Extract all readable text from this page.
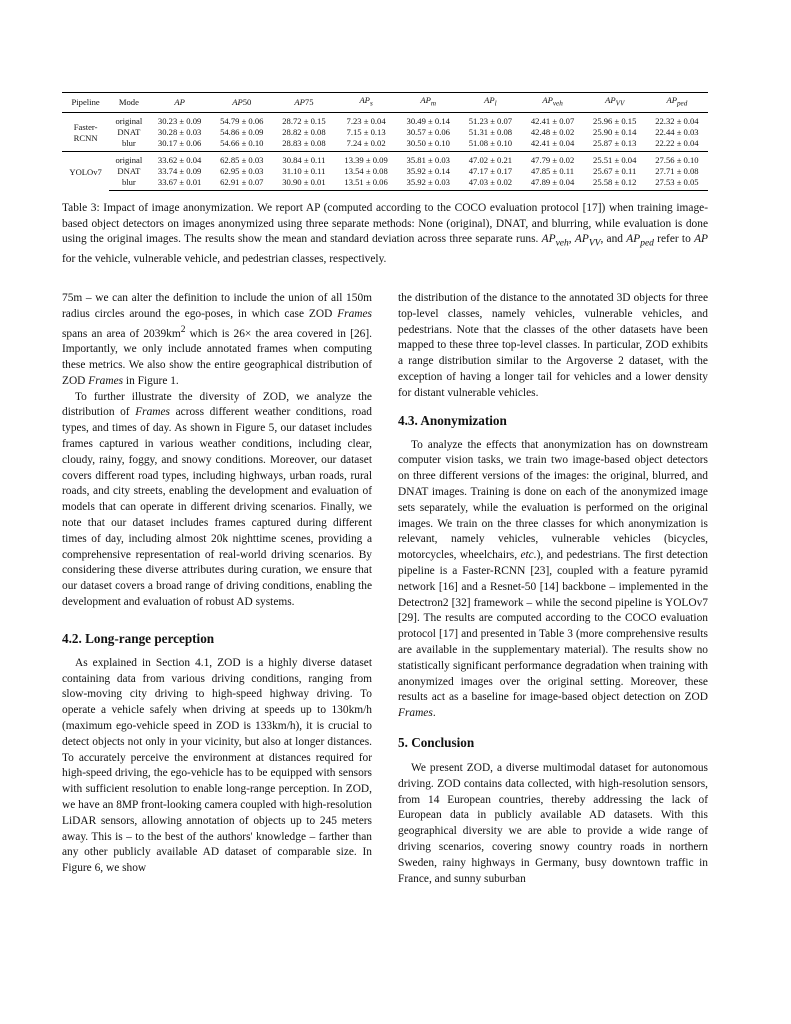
Pipeline	Mode	AP	AP50	AP75	$AP_s$	$AP_m$	$AP_l$	$AP_{veh}$	$AP_{VV}$	$AP_{ped}$
Faster-
RCNN	original	30.23 ± 0.09	54.79 ± 0.06	28.72 ± 0.15	7.23 ± 0.04	30.49 ± 0.14	51.23 ± 0.07	42.41 ± 0.07	25.96 ± 0.15	22.32 ± 0.04
	DNAT	30.28 ± 0.03	54.86 ± 0.09	28.82 ± 0.08	7.15 ± 0.13	30.57 ± 0.06	51.31 ± 0.08	42.48 ± 0.02	25.90 ± 0.14	22.44 ± 0.03
	blur	30.17 ± 0.06	54.66 ± 0.10	28.83 ± 0.08	7.24 ± 0.02	30.50 ± 0.10	51.08 ± 0.10	42.41 ± 0.04	25.87 ± 0.13	22.22 ± 0.04
YOLOv7	original	33.62 ± 0.04	62.85 ± 0.03	30.84 ± 0.11	13.39 ± 0.09	35.81 ± 0.03	47.02 ± 0.21	47.79 ± 0.02	25.51 ± 0.04	27.56 ± 0.10
	DNAT	33.74 ± 0.09	62.95 ± 0.03	31.10 ± 0.11	13.54 ± 0.08	35.92 ± 0.14	47.17 ± 0.17	47.85 ± 0.11	25.67 ± 0.11	27.71 ± 0.08
	blur	33.67 ± 0.01	62.91 ± 0.07	30.90 ± 0.01	13.51 ± 0.06	35.92 ± 0.03	47.03 ± 0.02	47.89 ± 0.04	25.58 ± 0.12	27.53 ± 0.05
Table 3: Impact of image anonymization. We report AP (computed according to the COCO evaluation protocol [17]) when training image-based object detectors on images anonymized using three separate methods: None (original), DNAT, and blurring, while evaluation is done using the original images. The results show the mean and standard deviation across three separate runs. $AP_{veh}$, $AP_{VV}$, and $AP_{ped}$ refer to AP for the vehicle, vulnerable vehicle, and pedestrian classes, respectively.

75m – we can alter the definition to include the union of all 150m radius circles around the ego-poses, in which case ZOD Frames spans an area of $2039km^2$ which is 26× the area covered in [26]. Importantly, we only include annotated frames when computing these metrics. We also show the entire geographical distribution of ZOD Frames in Figure 1.

To further illustrate the diversity of ZOD, we analyze the distribution of Frames across different weather conditions, road types, and times of day. As shown in Figure 5, our dataset includes frames captured in various weather conditions, including clear, cloudy, rainy, foggy, and snowy conditions. Moreover, our dataset covers different road types, including highways, urban roads, rural roads, and city streets, enabling the development and evaluation of models that can operate in different driving scenarios. Finally, we note that our dataset includes frames captured during different times of day, including almost 20k nighttime scenes, providing a comprehensive representation of real-world driving scenarios. By considering these diverse attributes during curation, we ensure that our dataset covers a broad range of driving conditions, enabling the development and evaluation of robust AD systems.

4.2. Long-range perception

As explained in Section 4.1, ZOD is a highly diverse dataset containing data from various driving conditions, ranging from slow-moving city driving to high-speed highway driving. To operate a vehicle safely when driving at speeds up to 130km/h (maximum ego-vehicle speed in ZOD is 133km/h), it is crucial to detect objects not only in your vicinity, but also at longer distances. To accurately perceive the environment at distances required for high-speed driving, the ego-vehicle has to be equipped with sensors with sufficient resolution to enable long-range perception. In ZOD, we have an 8MP front-looking camera coupled with high-resolution LiDAR sensors, allowing annotation of objects up to 245 meters away. This is – to the best of the authors' knowledge – farther than any other publicly available AD dataset of comparable size. In Figure 6, we show

the distribution of the distance to the annotated 3D objects for three top-level classes, namely vehicles, vulnerable vehicles, and pedestrians. Note that the classes of the other datasets have been mapped to these three top-level classes. In particular, ZOD exhibits a range distribution similar to the Argoverse 2 dataset, with the exception of having a longer tail for vehicles and a lower density for distant vulnerable vehicles.

4.3. Anonymization

To analyze the effects that anonymization has on downstream computer vision tasks, we train two image-based object detectors on three different versions of the images: the original, blurred, and DNAT images. Training is done on each of the anonymized image sets separately, while the evaluation is performed on the original images. We train on the three classes for which anonymization is relevant, namely vehicles, vulnerable vehicles (bicycles, motorcycles, wheelchairs, etc.), and pedestrians. The first detection pipeline is a Faster-RCNN [23], coupled with a feature pyramid network [16] and a Resnet-50 [14] backbone – implemented in the Detectron2 [32] framework – while the second pipeline is YOLOv7 [29]. The results are computed according to the COCO evaluation protocol [17] and presented in Table 3 (more comprehensive results are available in the supplementary material). The results show no statistically significant performance degradation when training with anonymized images over the original setting. Moreover, these results act as a baseline for image-based object detection on ZOD Frames.

5. Conclusion

We present ZOD, a diverse multimodal dataset for autonomous driving. ZOD contains data collected, with high-resolution sensors, from 14 European countries, thereby addressing the lack of European data in publicly available AD datasets. With this geographical diversity we are able to provide a wide range of driving scenarios, covering snowy country roads in northern Sweden, rainy highways in Germany, busy downtown traffic in France, and sunny suburban
